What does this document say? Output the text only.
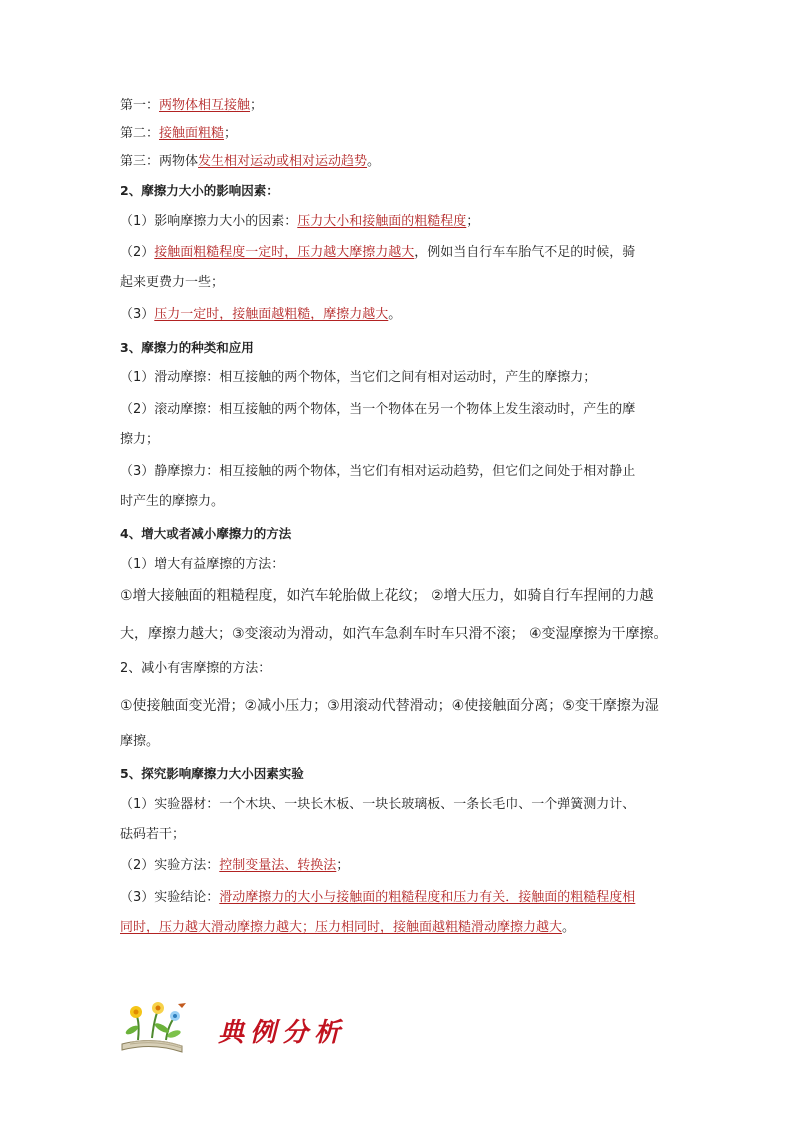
第一：两物体相互接触；
第二：接触面粗糙；
第三：两物体发生相对运动或相对运动趋势。
2、摩擦力大小的影响因素：
（1）影响摩擦力大小的因素：压力大小和接触面的粗糙程度；
（2）接触面粗糙程度一定时，压力越大摩擦力越大，例如当自行车车胎气不足的时候，骑
起来更费力一些；
（3）压力一定时，接触面越粗糙，摩擦力越大。
3、摩擦力的种类和应用
（1）滑动摩擦：相互接触的两个物体，当它们之间有相对运动时，产生的摩擦力；
（2）滚动摩擦：相互接触的两个物体，当一个物体在另一个物体上发生滚动时，产生的摩
擦力；
（3）静摩擦力：相互接触的两个物体，当它们有相对运动趋势，但它们之间处于相对静止
时产生的摩擦力。
4、增大或者减小摩擦力的方法
（1）增大有益摩擦的方法：
①增大接触面的粗糙程度，如汽车轮胎做上花纹； ②增大压力，如骑自行车捏闸的力越
大，摩擦力越大；③变滚动为滑动，如汽车急刹车时车只滑不滚； ④变湿摩擦为干摩擦。
2、减小有害摩擦的方法：
①使接触面变光滑；②减小压力；③用滚动代替滑动；④使接触面分离；⑤变干摩擦为湿
摩擦。
5、探究影响摩擦力大小因素实验
（1）实验器材：一个木块、一块长木板、一块长玻璃板、一条长毛巾、一个弹簧测力计、
砝码若干；
（2）实验方法：控制变量法、转换法；
（3）实验结论：滑动摩擦力的大小与接触面的粗糙程度和压力有关．接触面的粗糙程度相
同时，压力越大滑动摩擦力越大；压力相同时，接触面越粗糙滑动摩擦力越大。
典例分析
